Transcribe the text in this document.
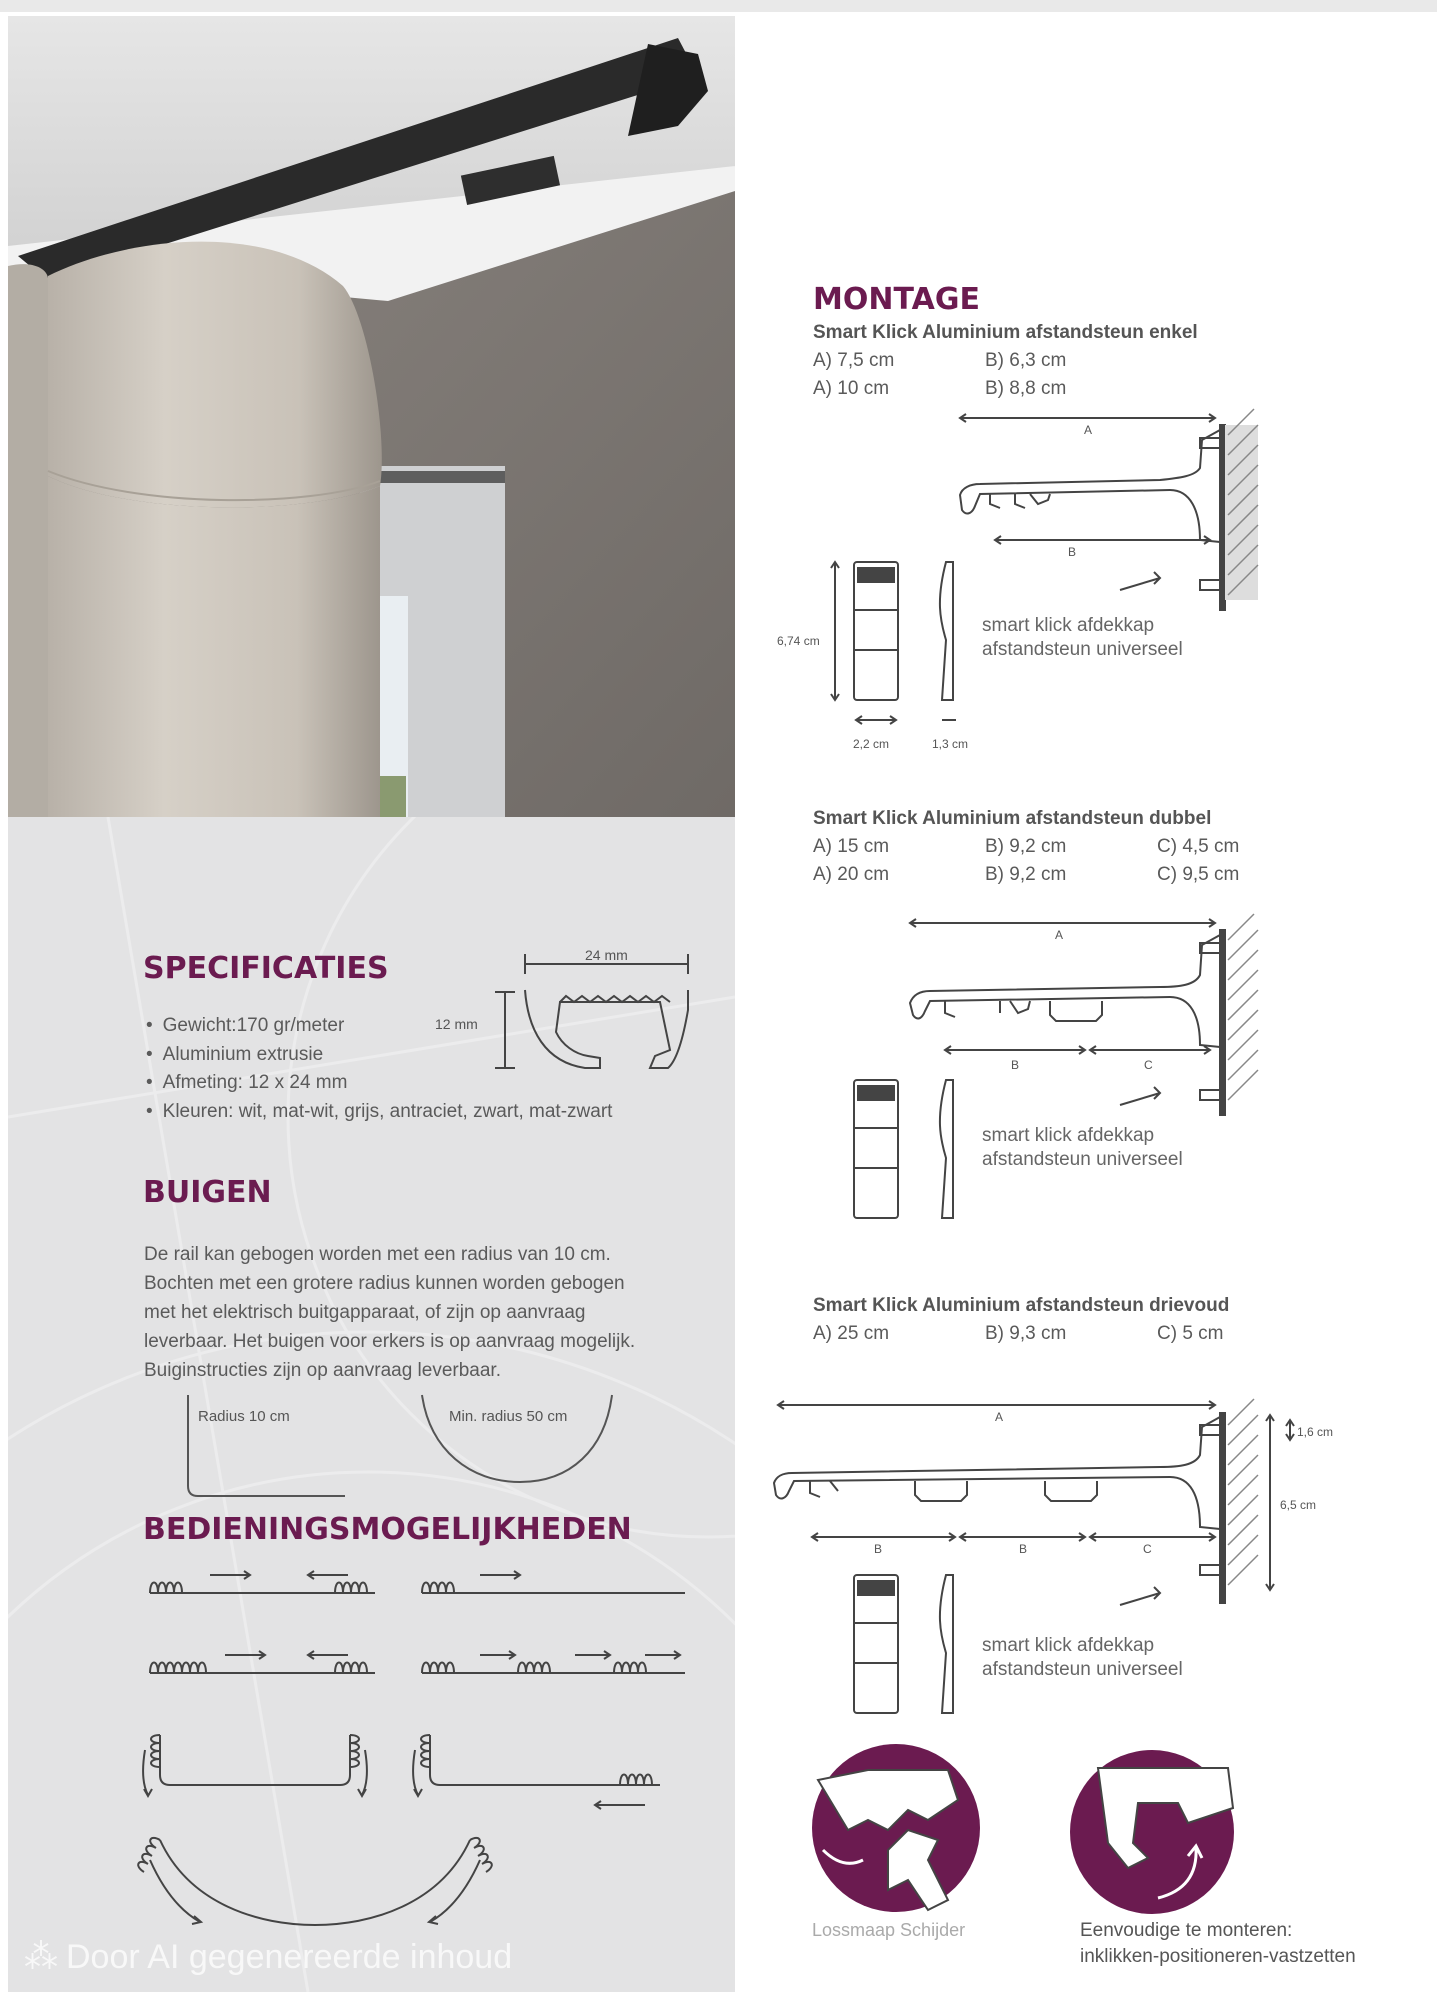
SPECIFICATIES
• Gewicht:170 gr/meter
• Aluminium extrusie
• Afmeting: 12 x 24 mm
• Kleuren: wit, mat-wit, grijs, antraciet, zwart, mat-zwart
24 mm
12 mm
BUIGEN
De rail kan gebogen worden met een radius van 10 cm.
Bochten met een grotere radius kunnen worden gebogen
met het elektrisch buitgapparaat, of zijn op aanvraag
leverbaar. Het buigen voor erkers is op aanvraag mogelijk.
Buiginstructies zijn op aanvraag leverbaar.
Radius 10 cm	Min. radius 50 cm
BEDIENINGSMOGELIJKHEDEN
⁂ Door AI gegenereerde inhoud
MONTAGE
Smart Klick Aluminium afstandsteun enkel
A) 7,5 cm	B) 6,3 cm
A) 10 cm	B) 8,8 cm
A
B
6,74 cm
2,2 cm	1,3 cm
smart klick afdekkap
afstandsteun universeel
Smart Klick Aluminium afstandsteun dubbel
A) 15 cm	B) 9,2 cm	C) 4,5 cm
A) 20 cm	B) 9,2 cm	C) 9,5 cm
A
B	C
smart klick afdekkap
afstandsteun universeel
Smart Klick Aluminium afstandsteun drievoud
A) 25 cm	B) 9,3 cm	C) 5 cm
A
B	B	C
1,6 cm
6,5 cm
smart klick afdekkap
afstandsteun universeel
Lossmaap Schijder	Eenvoudige te monteren:
inklikken-positioneren-vastzetten
